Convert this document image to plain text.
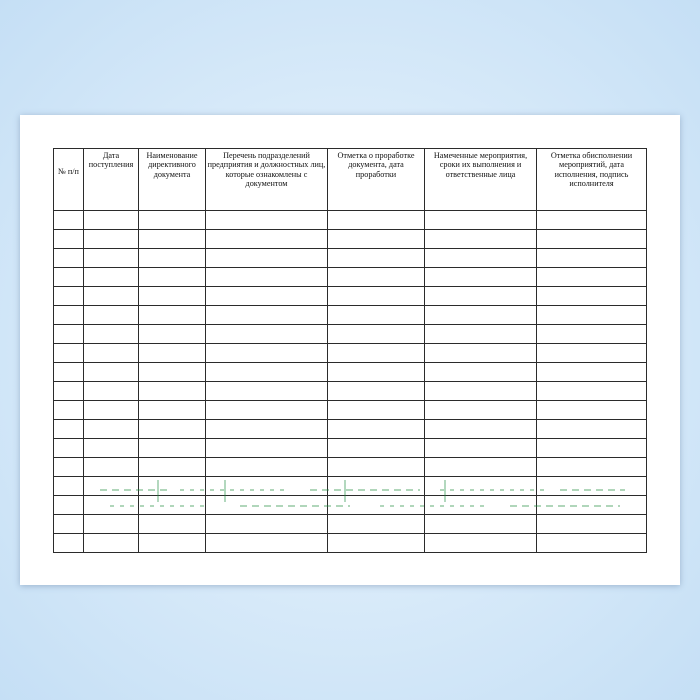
№ п/п	Дата поступления	Наименование директивного документа	Перечень подразделений предприятия и должностных лиц, которые ознакомлены с документом	Отметка о проработке документа, дата проработки	Намеченные мероприятия, сроки их выполнения и ответственные лица	Отметка обисполнении мероприятий, дата исполнения, подпись исполнителя
